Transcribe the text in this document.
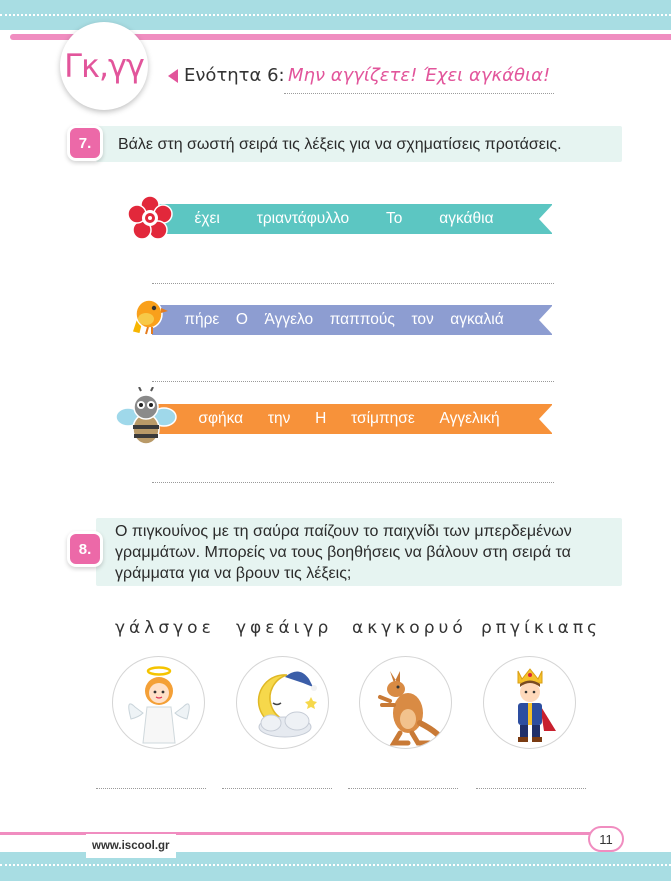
Γκ,γγ Ενότητα 6: Μην αγγίζετε! Έχει αγκάθια!
7.	Βάλε στη σωστή σειρά τις λέξεις για να σχηματίσεις προτάσεις.
έχει τριαντάφυλλο Το αγκάθια
πήρε Ο Άγγελο παππούς τον αγκαλιά
σφήκα την Η τσίμπησε Αγγελική
8.
Ο πιγκουίνος με τη σαύρα παίζουν το παιχνίδι των μπερδεμένων
γραμμάτων. Μπορείς να τους βοηθήσεις να βάλουν στη σειρά τα
γράμματα για να βρουν τις λέξεις;
γάλσγοε γφεάιγρ ακγκορυό ρπγίκιαπς
www.iscool.gr	11
